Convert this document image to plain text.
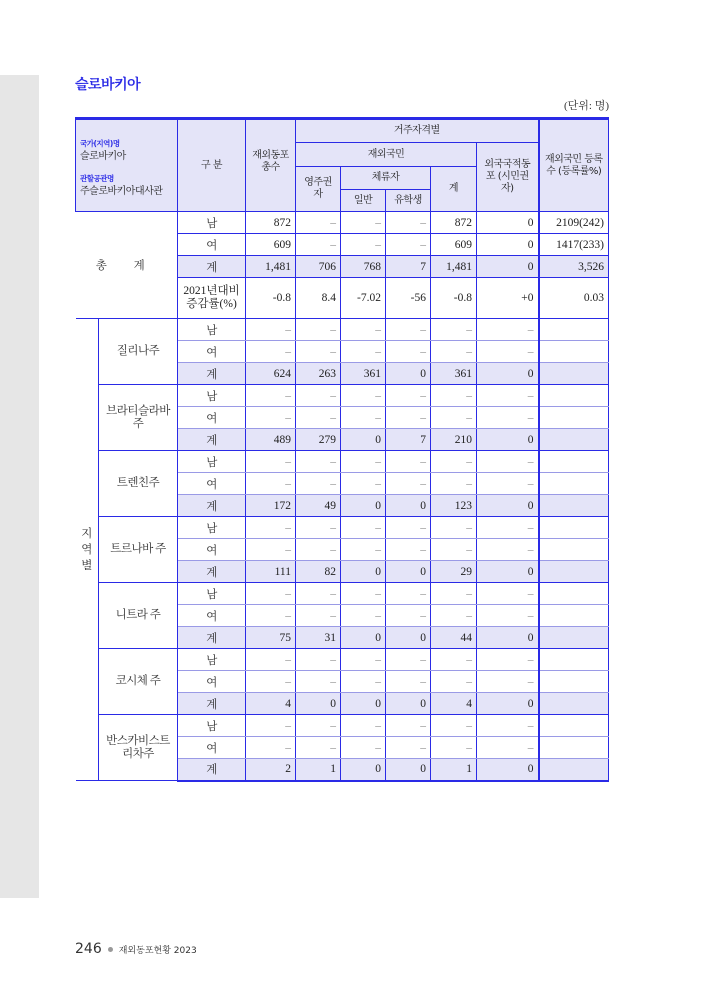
슬로바키아
(단위: 명)
국가(지역)명
슬로바키아
관할공관명
주슬로바키아대사관		구 분	재외동포 총수	거주자격별					재외국민 등록수 (등록률%)
				재외국민				외국국적동포 (시민권자)	
				영주권자	체류자		계		
					일반	유학생			
총 계		남	872	–	–	–	872	0	2109(242)
		여	609	–	–	–	609	0	1417(233)
		계	1,481	706	768	7	1,481	0	3,526
		2021년대비 증감률(%)	-0.8	8.4	-7.02	-56	-0.8	+0	0.03
지역별	질리나주	남	–	–	–	–	–	–	
		여	–	–	–	–	–	–	
		계	624	263	361	0	361	0	
	브라티슬라바주	남	–	–	–	–	–	–	
		여	–	–	–	–	–	–	
		계	489	279	0	7	210	0	
	트렌친주	남	–	–	–	–	–	–	
		여	–	–	–	–	–	–	
		계	172	49	0	0	123	0	
	트르나바 주	남	–	–	–	–	–	–	
		여	–	–	–	–	–	–	
		계	111	82	0	0	29	0	
	니트라 주	남	–	–	–	–	–	–	
		여	–	–	–	–	–	–	
		계	75	31	0	0	44	0	
	코시체 주	남	–	–	–	–	–	–	
		여	–	–	–	–	–	–	
		계	4	0	0	0	4	0	
	반스카비스트리차주	남	–	–	–	–	–	–	
		여	–	–	–	–	–	–	
		계	2	1	0	0	1	0	
246 재외동포현황 2023
